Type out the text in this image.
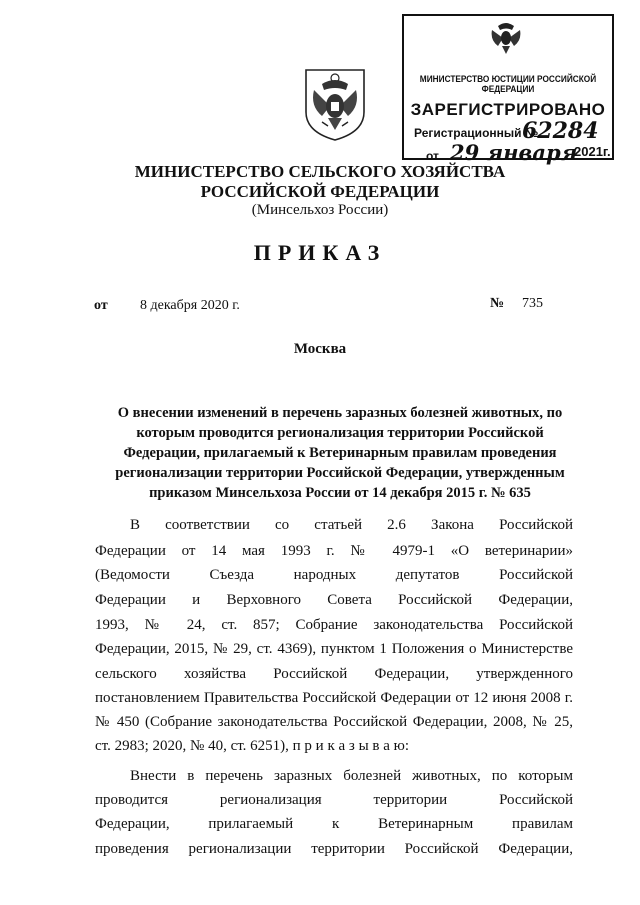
МИНИСТЕРСТВО ЮСТИЦИИ РОССИЙСКОЙ ФЕДЕРАЦИИ
ЗАРЕГИСТРИРОВАНО
Регистрационный №
62284
от 29 января
2021г.
МИНИСТЕРСТВО СЕЛЬСКОГО ХОЗЯЙСТВА
РОССИЙСКОЙ ФЕДЕРАЦИИ
(Минсельхоз России)
ПРИКАЗ
от 8 декабря 2020 г.	№ 735
Москва
О внесении изменений в перечень заразных болезней животных, по которым проводится регионализация территории Российской Федерации, прилагаемый к Ветеринарным правилам проведения регионализации территории Российской Федерации, утвержденным приказом Минсельхоза России от 14 декабря 2015 г. № 635
В соответствии со статьей 2.6 Закона Российской
Федерации от 14 мая 1993 г. № 4979-1 «О ветеринарии»
(Ведомости Съезда народных депутатов Российской
Федерации и Верховного Совета Российской Федерации,
1993, № 24, ст. 857; Собрание законодательства Российской
Федерации, 2015, № 29, ст. 4369), пунктом 1 Положения о Министерстве
сельского хозяйства Российской Федерации, утвержденного
постановлением Правительства Российской Федерации от 12 июня 2008 г.
№ 450 (Собрание законодательства Российской Федерации, 2008, № 25,
ст. 2983; 2020, № 40, ст. 6251), п р и к а з ы в а ю:
Внести в перечень заразных болезней животных, по которым
проводится регионализация территории Российской
Федерации, прилагаемый к Ветеринарным правилам
проведения регионализации территории Российской Федерации,
